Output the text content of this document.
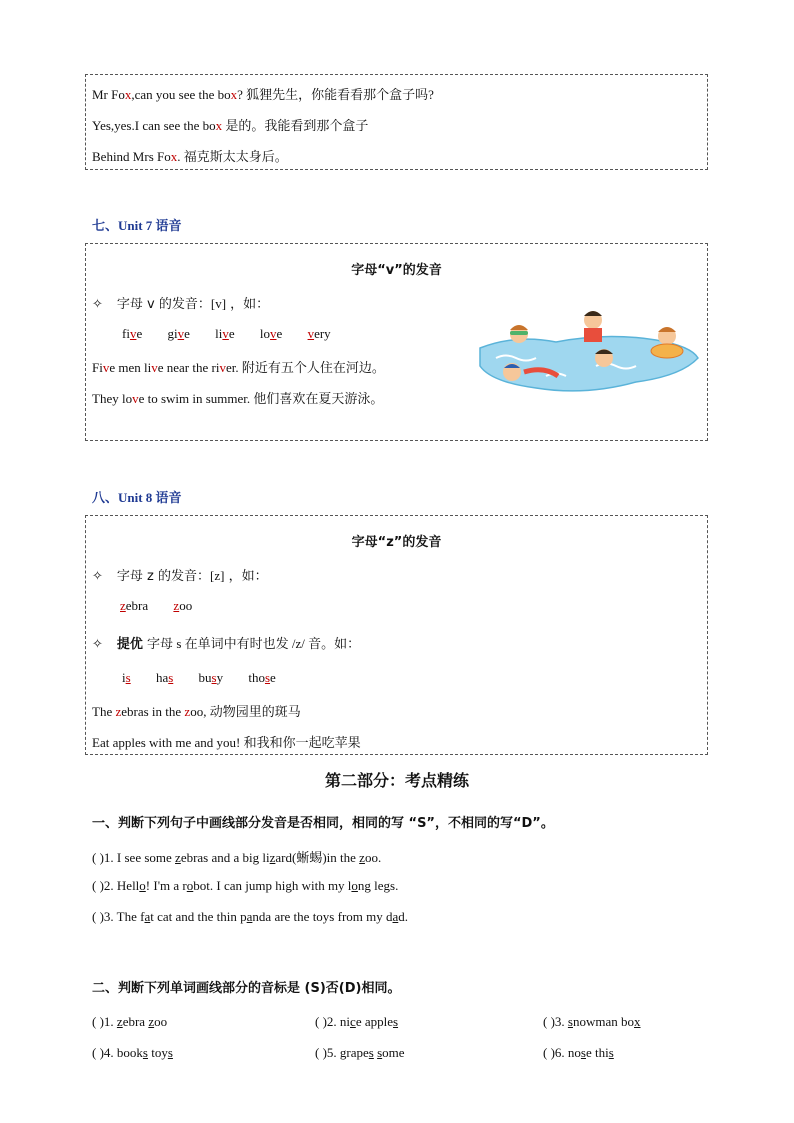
Mr Fox,can you see the box? 狐狸先生，你能看看那个盒子吗?
Yes,yes.I can see the box 是的。我能看到那个盒子
Behind Mrs Fox. 福克斯太太身后。
七、Unit 7 语音
字母“v”的发音
✧ 字母 v 的发音：[v] ，如：
five give live love very
Five men live near the river. 附近有五个人住在河边。
They love to swim in summer. 他们喜欢在夏天游泳。
八、Unit 8 语音
字母“z”的发音
✧ 字母 z 的发音：[z] ，如：
zebra zoo
✧ 提优 字母 s 在单词中有时也发 /z/ 音。如：
is has busy those
The zebras in the zoo, 动物园里的斑马
Eat apples with me and you! 和我和你一起吃苹果
第二部分：考点精练
一、判断下列句子中画线部分发音是否相同，相同的写 “S”，不相同的写“D”。
( )1. I see some zebras and a big lizard(蜥蜴)in the zoo.
( )2. Hello! I'm a robot. I can jump high with my long legs.
( )3. The fat cat and the thin panda are the toys from my dad.
二、判断下列单词画线部分的音标是 (S)否(D)相同。
( )1. zebra zoo	( )2. nice apples	( )3. snowman box
( )4. books toys	( )5. grapes some	( )6. nose this
